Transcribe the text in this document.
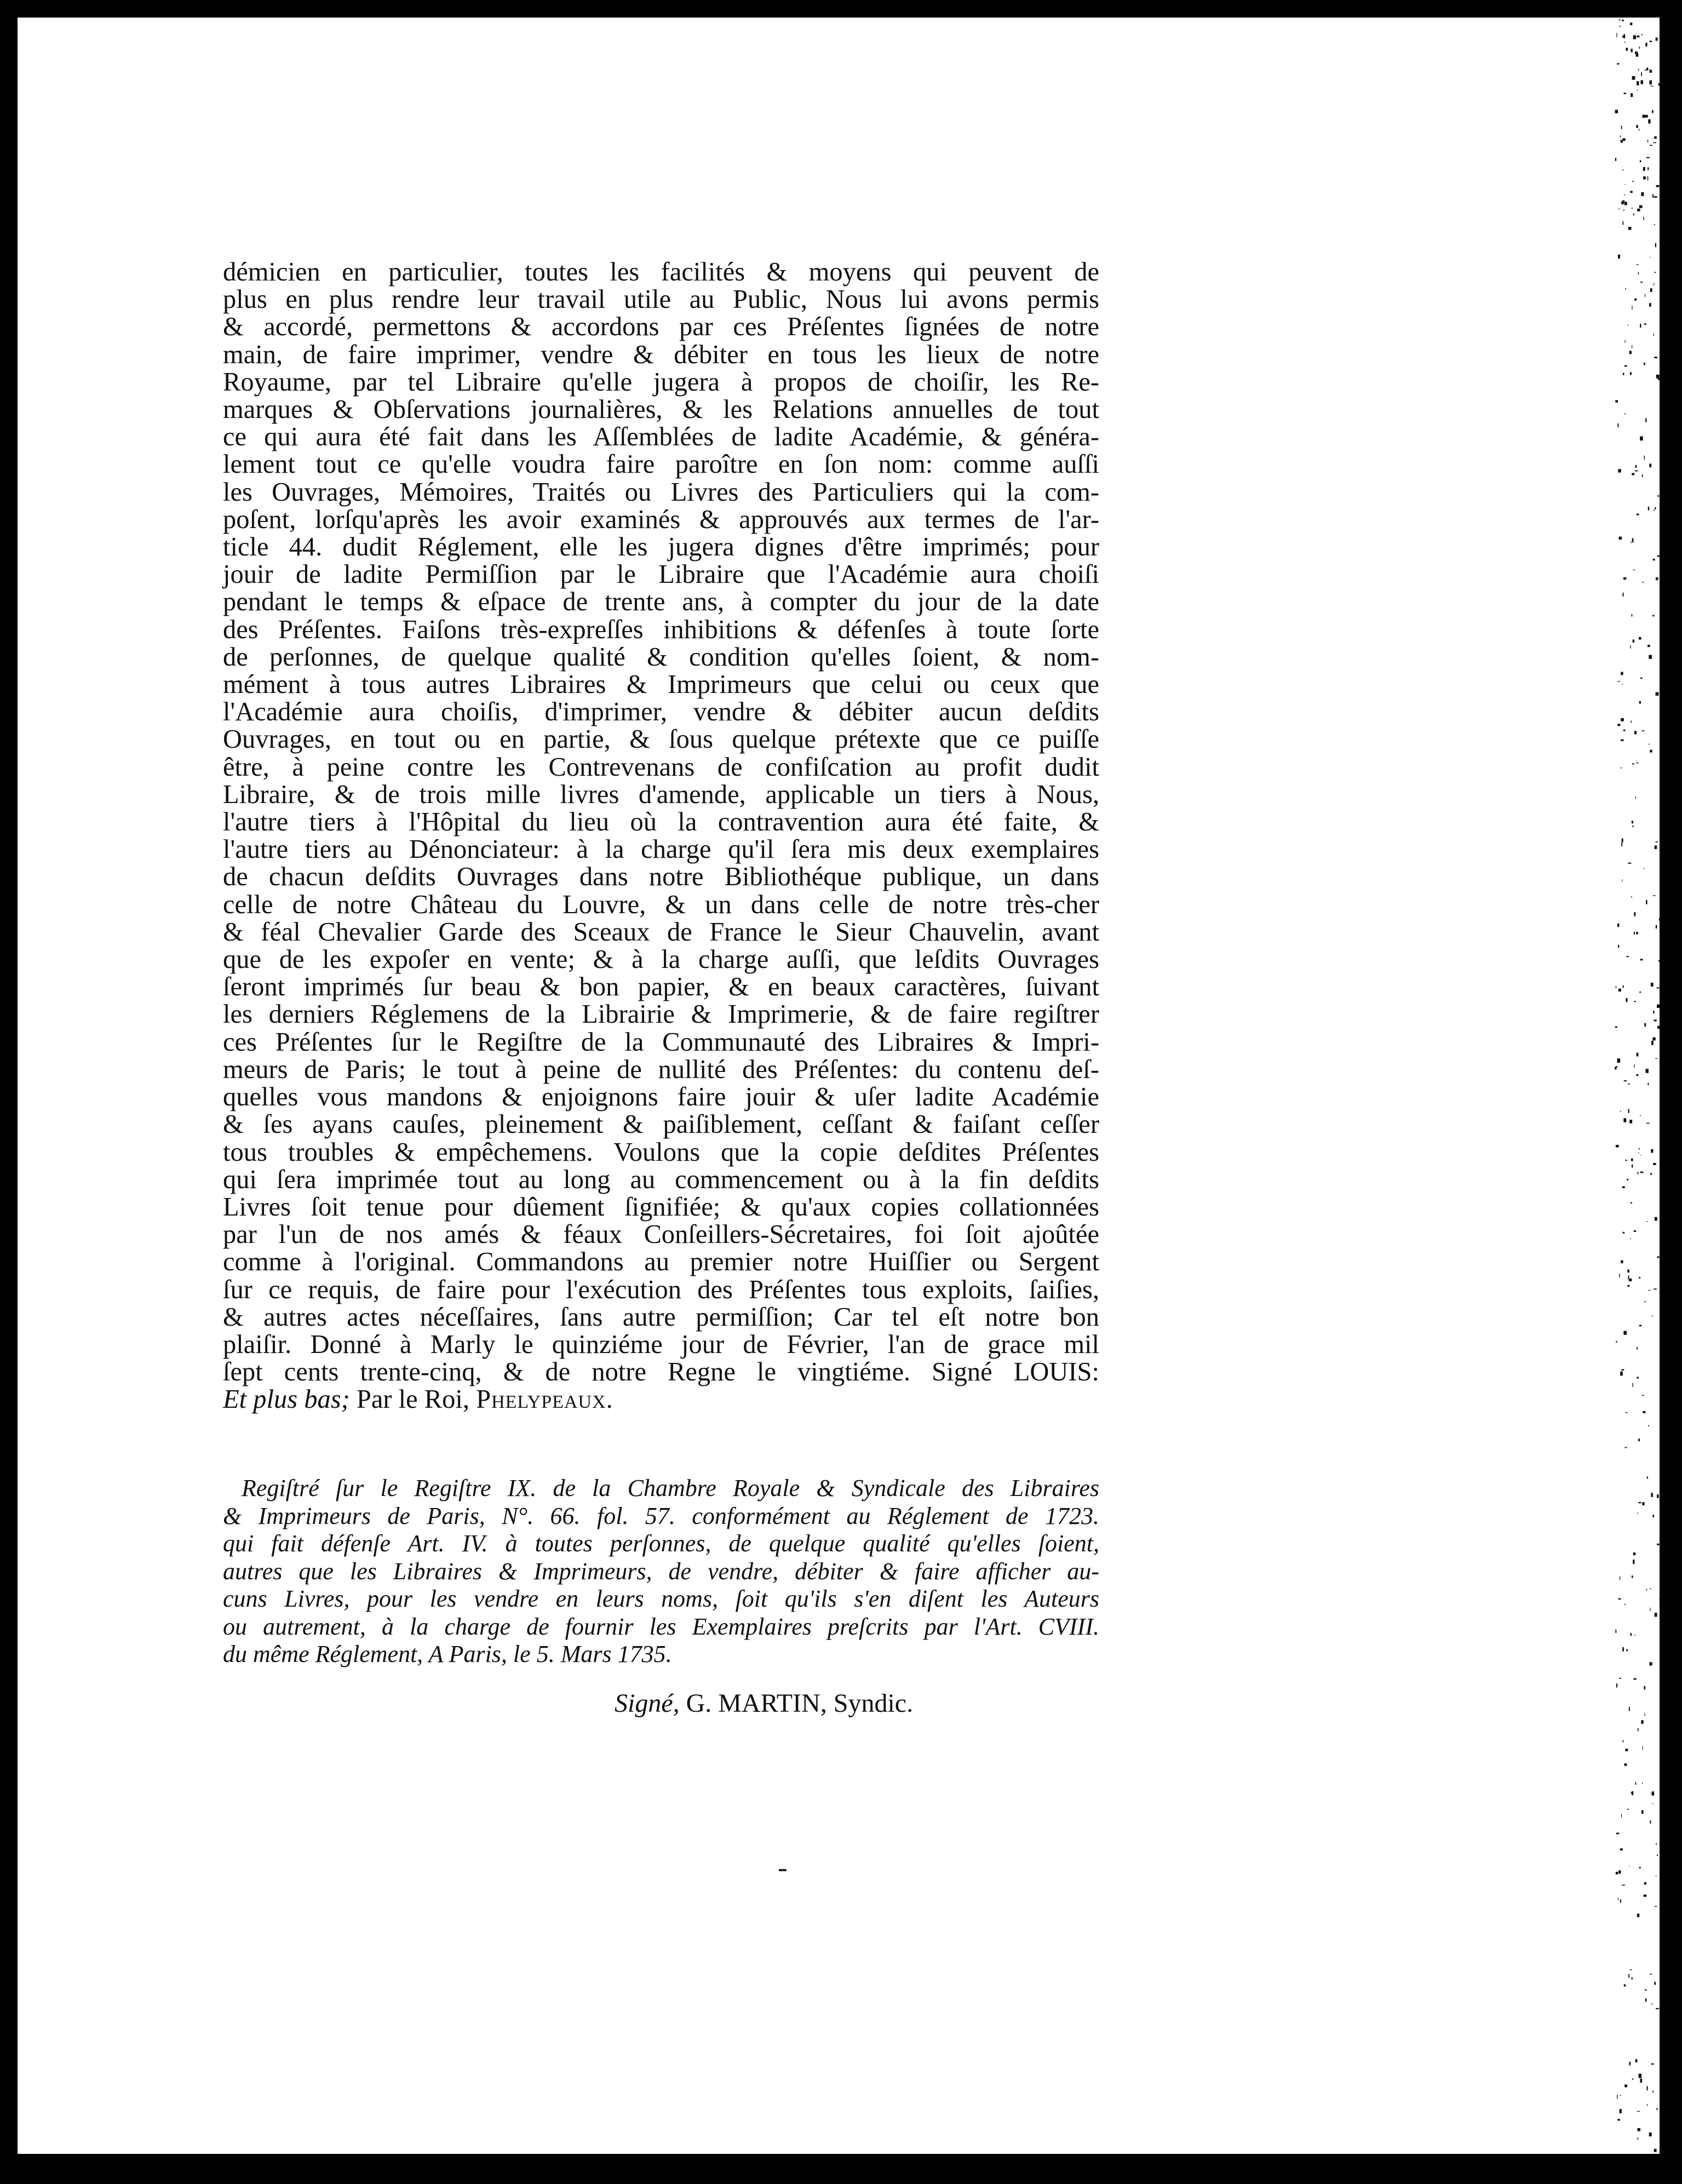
démicien en particulier, toutes les facilités & moyens qui peuvent de
plus en plus rendre leur travail utile au Public, Nous lui avons permis
& accordé, permettons & accordons par ces Préſentes ſignées de notre
main, de faire imprimer, vendre & débiter en tous les lieux de notre
Royaume, par tel Libraire qu'elle jugera à propos de choiſir, les Re-
marques & Obſervations journalières, & les Relations annuelles de tout
ce qui aura été fait dans les Aſſemblées de ladite Académie, & généra-
lement tout ce qu'elle voudra faire paroître en ſon nom: comme auſſi
les Ouvrages, Mémoires, Traités ou Livres des Particuliers qui la com-
poſent, lorſqu'après les avoir examinés & approuvés aux termes de l'ar-
ticle 44. dudit Réglement, elle les jugera dignes d'être imprimés; pour
jouir de ladite Permiſſion par le Libraire que l'Académie aura choiſi
pendant le temps & eſpace de trente ans, à compter du jour de la date
des Préſentes. Faiſons très-expreſſes inhibitions & défenſes à toute ſorte
de perſonnes, de quelque qualité & condition qu'elles ſoient, & nom-
mément à tous autres Libraires & Imprimeurs que celui ou ceux que
l'Académie aura choiſis, d'imprimer, vendre & débiter aucun deſdits
Ouvrages, en tout ou en partie, & ſous quelque prétexte que ce puiſſe
être, à peine contre les Contrevenans de confiſcation au profit dudit
Libraire, & de trois mille livres d'amende, applicable un tiers à Nous,
l'autre tiers à l'Hôpital du lieu où la contravention aura été faite, &
l'autre tiers au Dénonciateur: à la charge qu'il ſera mis deux exemplaires
de chacun deſdits Ouvrages dans notre Bibliothéque publique, un dans
celle de notre Château du Louvre, & un dans celle de notre très-cher
& féal Chevalier Garde des Sceaux de France le Sieur Chauvelin, avant
que de les expoſer en vente; & à la charge auſſi, que leſdits Ouvrages
ſeront imprimés ſur beau & bon papier, & en beaux caractères, ſuivant
les derniers Réglemens de la Librairie & Imprimerie, & de faire regiſtrer
ces Préſentes ſur le Regiſtre de la Communauté des Libraires & Impri-
meurs de Paris; le tout à peine de nullité des Préſentes: du contenu deſ-
quelles vous mandons & enjoignons faire jouir & uſer ladite Académie
& ſes ayans cauſes, pleinement & paiſiblement, ceſſant & faiſant ceſſer
tous troubles & empêchemens. Voulons que la copie deſdites Préſentes
qui ſera imprimée tout au long au commencement ou à la fin deſdits
Livres ſoit tenue pour dûement ſignifiée; & qu'aux copies collationnées
par l'un de nos amés & féaux Conſeillers-Sécretaires, foi ſoit ajoûtée
comme à l'original. Commandons au premier notre Huiſſier ou Sergent
ſur ce requis, de faire pour l'exécution des Préſentes tous exploits, ſaiſies,
& autres actes néceſſaires, ſans autre permiſſion; Car tel eſt notre bon
plaiſir. Donné à Marly le quinziéme jour de Février, l'an de grace mil
ſept cents trente-cinq, & de notre Regne le vingtiéme. Signé LOUIS:
Et plus bas; Par le Roi, Phelypeaux.
Regiſtré ſur le Regiſtre IX. de la Chambre Royale & Syndicale des Libraires
& Imprimeurs de Paris, N°. 66. fol. 57. conformément au Réglement de 1723.
qui fait défenſe Art. IV. à toutes perſonnes, de quelque qualité qu'elles ſoient,
autres que les Libraires & Imprimeurs, de vendre, débiter & faire afficher au-
cuns Livres, pour les vendre en leurs noms, ſoit qu'ils s'en diſent les Auteurs
ou autrement, à la charge de fournir les Exemplaires preſcrits par l'Art. CVIII.
du même Réglement, A Paris, le 5. Mars 1735.
Signé, G. MARTIN, Syndic.
